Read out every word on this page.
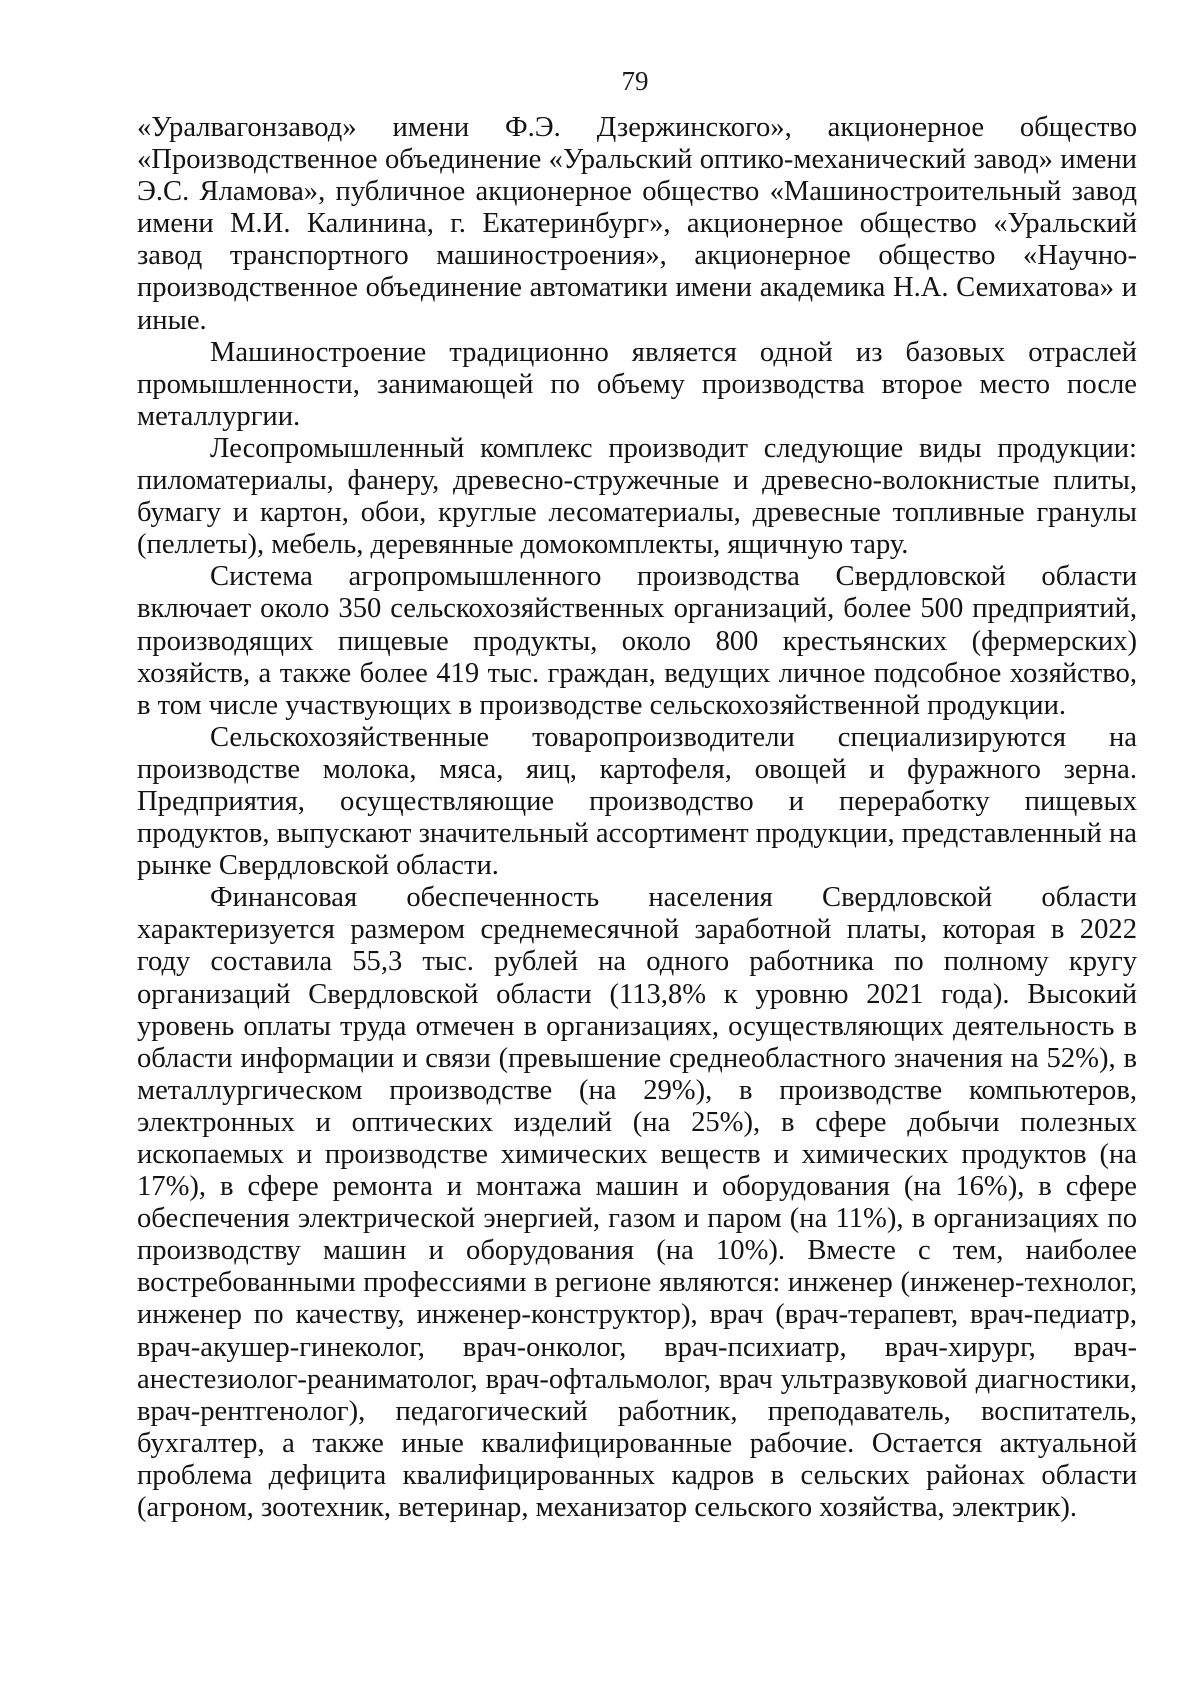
79

«Уралвагонзавод» имени Ф.Э. Дзержинского», акционерное общество «Производственное объединение «Уральский оптико-механический завод» имени Э.С. Яламова», публичное акционерное общество «Машиностроительный завод имени М.И. Калинина, г. Екатеринбург», акционерное общество «Уральский завод транспортного машиностроения», акционерное общество «Научно-производственное объединение автоматики имени академика Н.А. Семихатова» и иные.

Машиностроение традиционно является одной из базовых отраслей промышленности, занимающей по объему производства второе место после металлургии.

Лесопромышленный комплекс производит следующие виды продукции: пиломатериалы, фанеру, древесно-стружечные и древесно-волокнистые плиты, бумагу и картон, обои, круглые лесоматериалы, древесные топливные гранулы (пеллеты), мебель, деревянные домокомплекты, ящичную тару.

Система агропромышленного производства Свердловской области включает около 350 сельскохозяйственных организаций, более 500 предприятий, производящих пищевые продукты, около 800 крестьянских (фермерских) хозяйств, а также более 419 тыс. граждан, ведущих личное подсобное хозяйство, в том числе участвующих в производстве сельскохозяйственной продукции.

Сельскохозяйственные товаропроизводители специализируются на производстве молока, мяса, яиц, картофеля, овощей и фуражного зерна. Предприятия, осуществляющие производство и переработку пищевых продуктов, выпускают значительный ассортимент продукции, представленный на рынке Свердловской области.

Финансовая обеспеченность населения Свердловской области характеризуется размером среднемесячной заработной платы, которая в 2022 году составила 55,3 тыс. рублей на одного работника по полному кругу организаций Свердловской области (113,8% к уровню 2021 года). Высокий уровень оплаты труда отмечен в организациях, осуществляющих деятельность в области информации и связи (превышение среднеобластного значения на 52%), в металлургическом производстве (на 29%), в производстве компьютеров, электронных и оптических изделий (на 25%), в сфере добычи полезных ископаемых и производстве химических веществ и химических продуктов (на 17%), в сфере ремонта и монтажа машин и оборудования (на 16%), в сфере обеспечения электрической энергией, газом и паром (на 11%), в организациях по производству машин и оборудования (на 10%). Вместе с тем, наиболее востребованными профессиями в регионе являются: инженер (инженер-технолог, инженер по качеству, инженер-конструктор), врач (врач-терапевт, врач-педиатр, врач-акушер-гинеколог, врач-онколог, врач-психиатр, врач-хирург, врач-анестезиолог-реаниматолог, врач-офтальмолог, врач ультразвуковой диагностики, врач-рентгенолог), педагогический работник, преподаватель, воспитатель, бухгалтер, а также иные квалифицированные рабочие. Остается актуальной проблема дефицита квалифицированных кадров в сельских районах области (агроном, зоотехник, ветеринар, механизатор сельского хозяйства, электрик).
